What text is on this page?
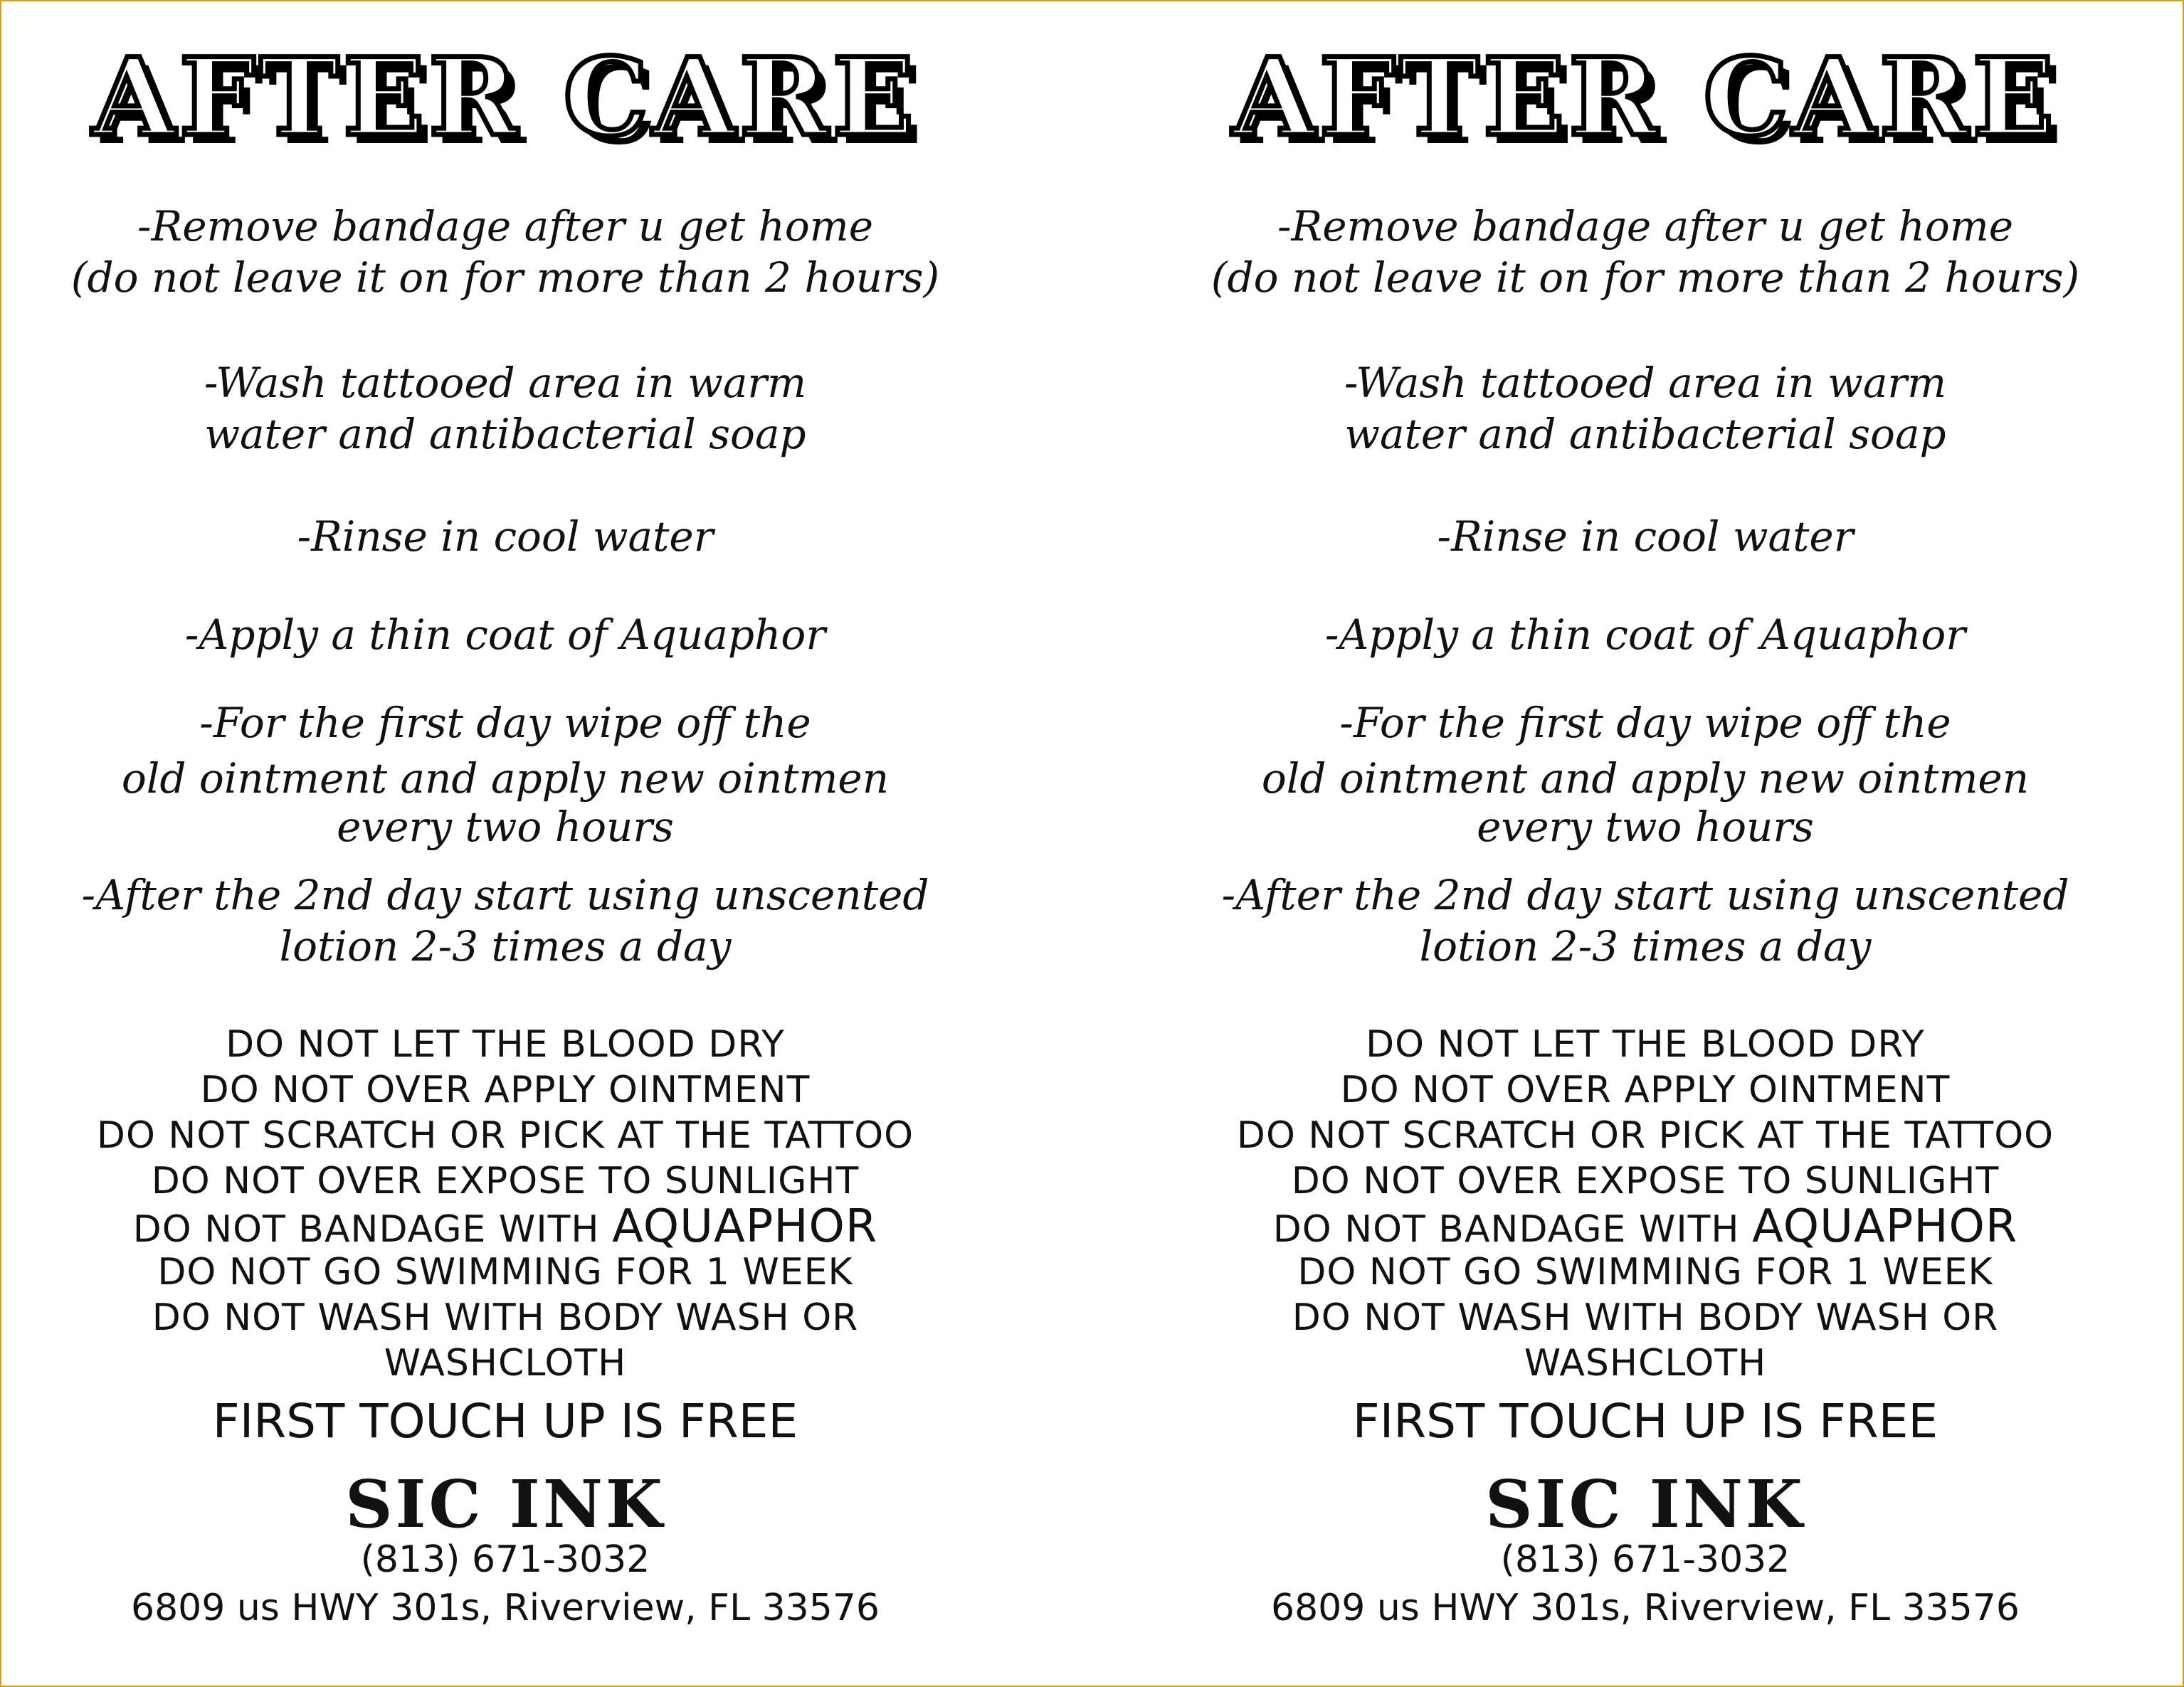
AFTER CARE
-Remove bandage after u get home
(do not leave it on for more than 2 hours)
-Wash tattooed area in warm
water and antibacterial soap
-Rinse in cool water
-Apply a thin coat of Aquaphor
-For the first day wipe off the
old ointment and apply new ointmen
every two hours
-After the 2nd day start using unscented
lotion 2-3 times a day
DO NOT LET THE BLOOD DRY
DO NOT OVER APPLY OINTMENT
DO NOT SCRATCH OR PICK AT THE TATTOO
DO NOT OVER EXPOSE TO SUNLIGHT
DO NOT BANDAGE WITH AQUAPHOR
DO NOT GO SWIMMING FOR 1 WEEK
DO NOT WASH WITH BODY WASH OR
WASHCLOTH
FIRST TOUCH UP IS FREE
SIC INK
(813) 671-3032
6809 us HWY 301s, Riverview, FL 33576
AFTER CARE
-Remove bandage after u get home
(do not leave it on for more than 2 hours)
-Wash tattooed area in warm
water and antibacterial soap
-Rinse in cool water
-Apply a thin coat of Aquaphor
-For the first day wipe off the
old ointment and apply new ointmen
every two hours
-After the 2nd day start using unscented
lotion 2-3 times a day
DO NOT LET THE BLOOD DRY
DO NOT OVER APPLY OINTMENT
DO NOT SCRATCH OR PICK AT THE TATTOO
DO NOT OVER EXPOSE TO SUNLIGHT
DO NOT BANDAGE WITH AQUAPHOR
DO NOT GO SWIMMING FOR 1 WEEK
DO NOT WASH WITH BODY WASH OR
WASHCLOTH
FIRST TOUCH UP IS FREE
SIC INK
(813) 671-3032
6809 us HWY 301s, Riverview, FL 33576
